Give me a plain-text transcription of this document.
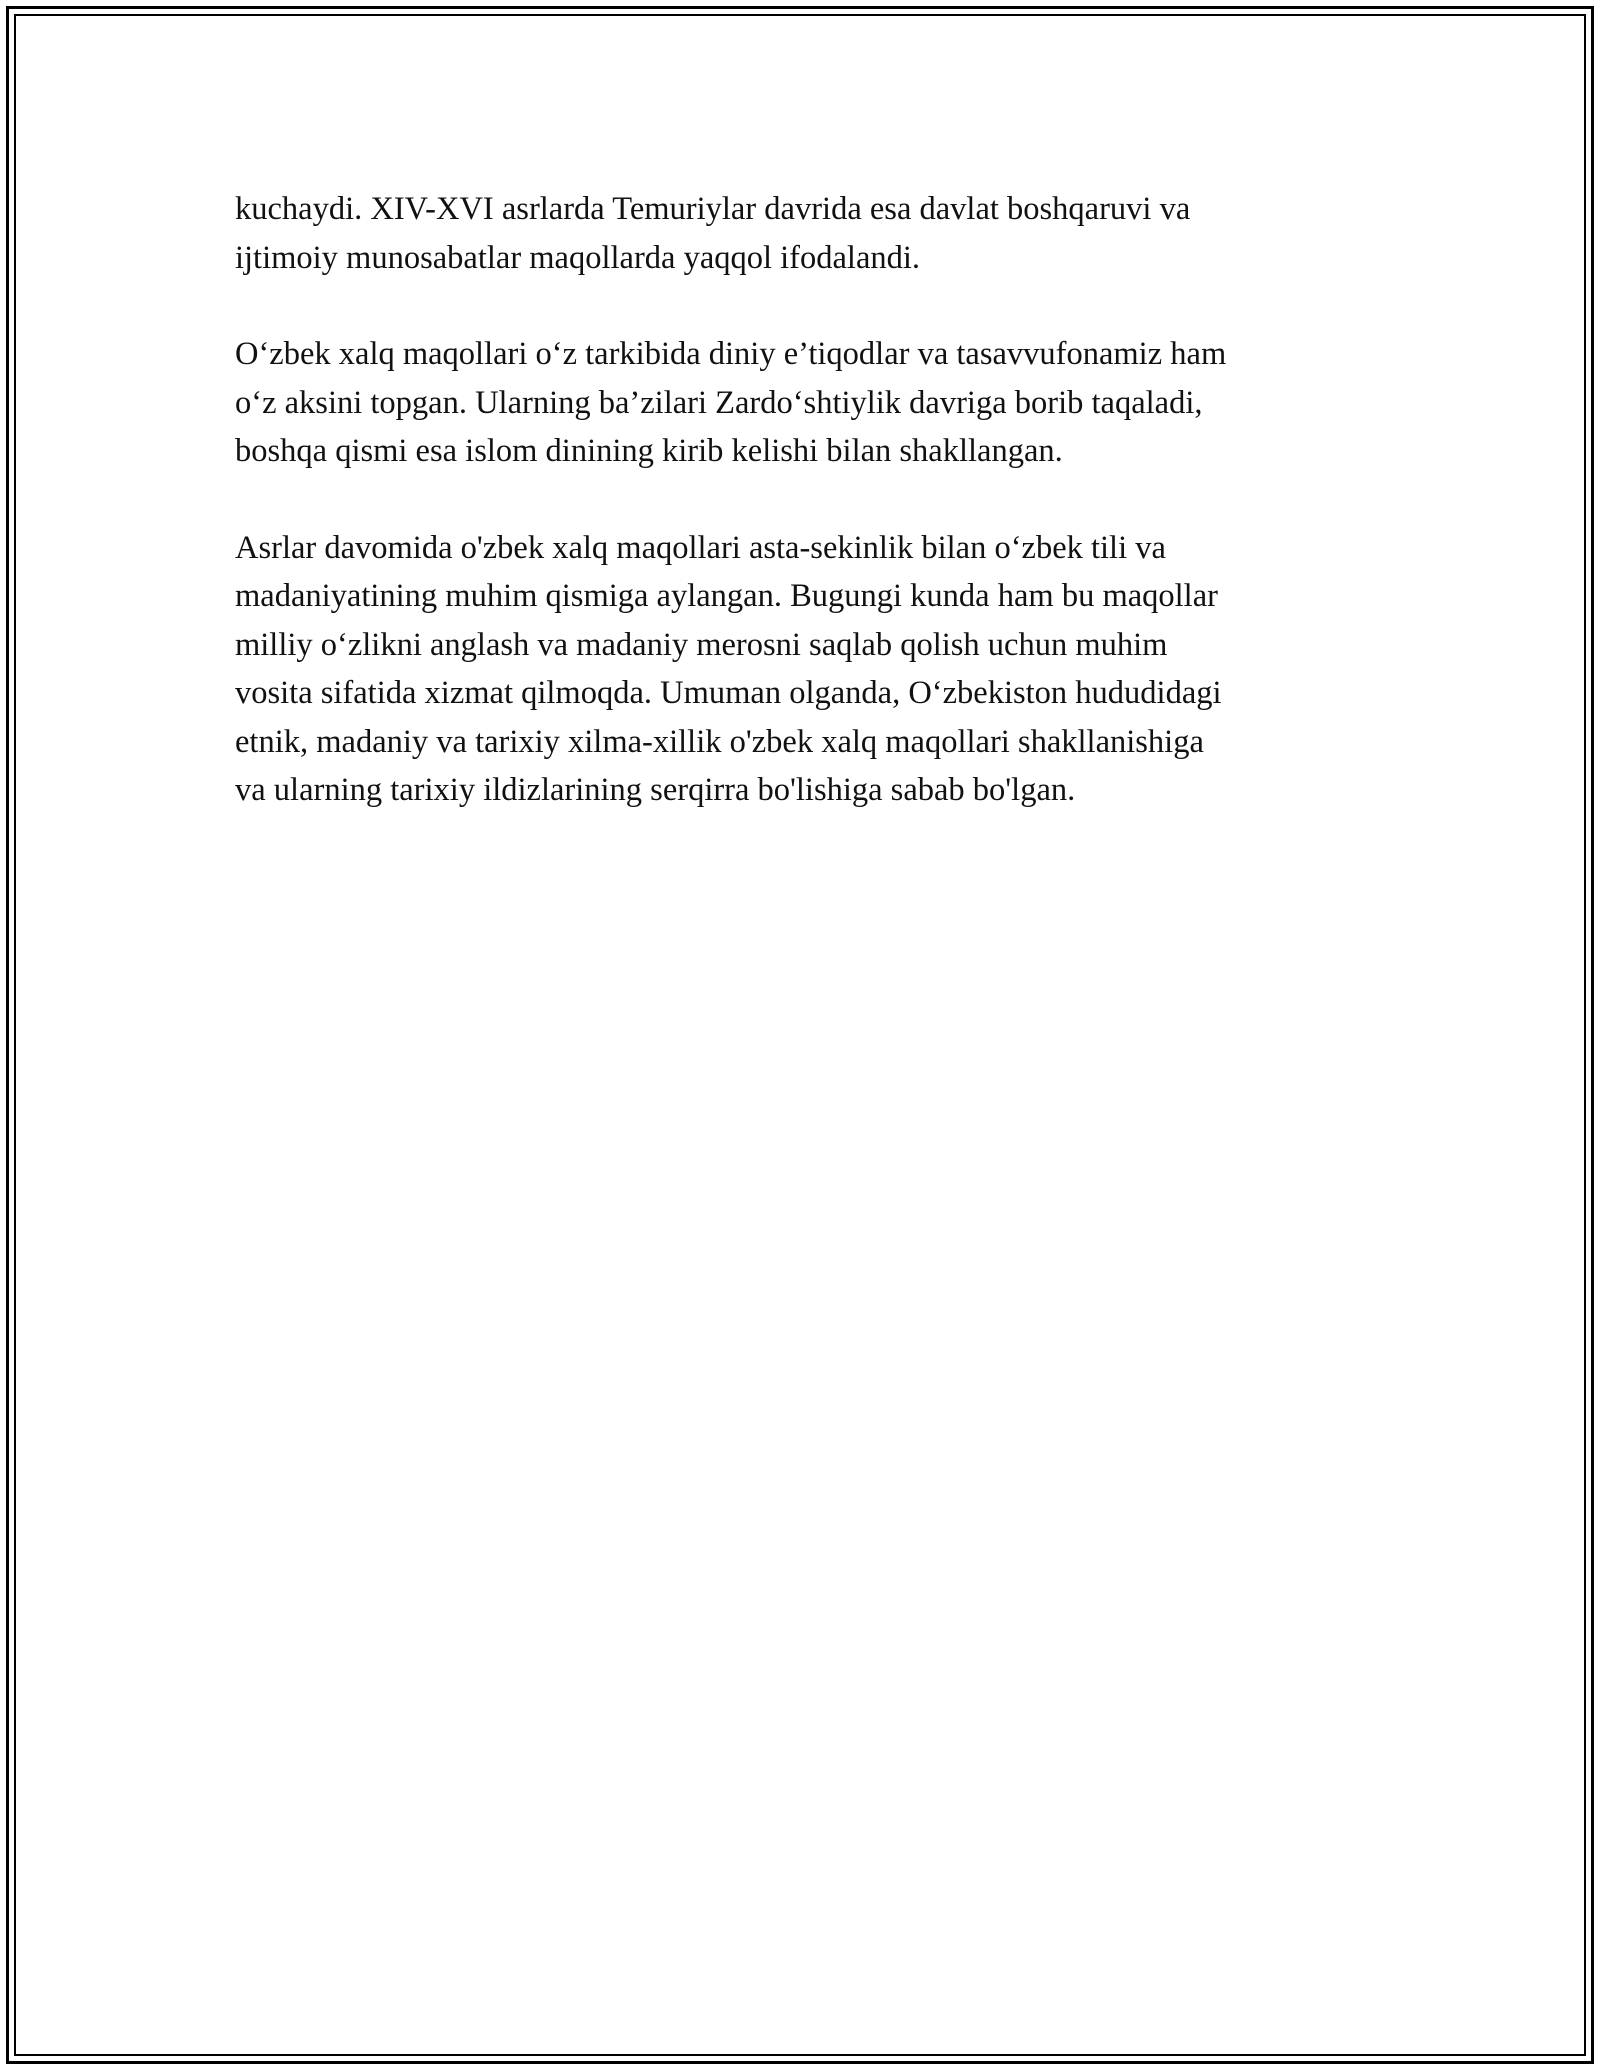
kuchaydi. XIV-XVI asrlarda Temuriylar davrida esa davlat boshqaruvi va
ijtimoiy munosabatlar maqollarda yaqqol ifodalandi.

O‘zbek xalq maqollari o‘z tarkibida diniy e’tiqodlar va tasavvufonamiz ham
o‘z aksini topgan. Ularning ba’zilari Zardo‘shtiylik davriga borib taqaladi,
boshqa qismi esa islom dinining kirib kelishi bilan shakllangan.

Asrlar davomida o'zbek xalq maqollari asta-sekinlik bilan o‘zbek tili va
madaniyatining muhim qismiga aylangan. Bugungi kunda ham bu maqollar
milliy o‘zlikni anglash va madaniy merosni saqlab qolish uchun muhim
vosita sifatida xizmat qilmoqda. Umuman olganda, O‘zbekiston hududidagi
etnik, madaniy va tarixiy xilma-xillik o'zbek xalq maqollari shakllanishiga
va ularning tarixiy ildizlarining serqirra bo'lishiga sabab bo'lgan.
